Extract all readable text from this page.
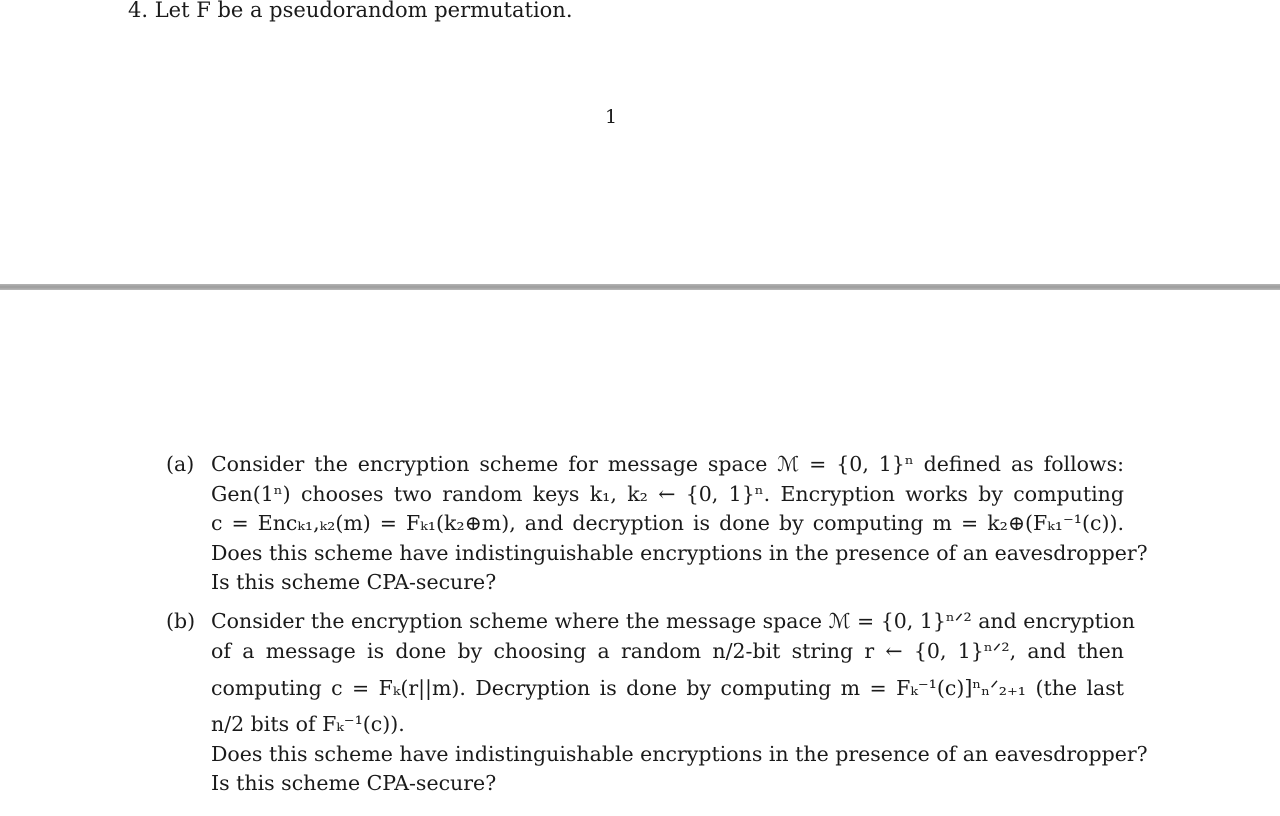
4. Let F be a pseudorandom permutation.
1
(a) Consider the encryption scheme for message space ℳ = {0, 1}ⁿ defined as follows:
Gen(1ⁿ) chooses two random keys k₁, k₂ ← {0, 1}ⁿ. Encryption works by computing
c = Encₖ₁,ₖ₂(m) = Fₖ₁(k₂⊕m), and decryption is done by computing m = k₂⊕(Fₖ₁⁻¹(c)).
Does this scheme have indistinguishable encryptions in the presence of an eavesdropper?
Is this scheme CPA-secure?
(b) Consider the encryption scheme where the message space ℳ = {0, 1}ⁿᐟ² and encryption
of a message is done by choosing a random n/2-bit string r ← {0, 1}ⁿᐟ², and then
computing c = Fₖ(r||m). Decryption is done by computing m = Fₖ⁻¹(c)]ⁿₙᐟ₂₊₁ (the last
n/2 bits of Fₖ⁻¹(c)).
Does this scheme have indistinguishable encryptions in the presence of an eavesdropper?
Is this scheme CPA-secure?
